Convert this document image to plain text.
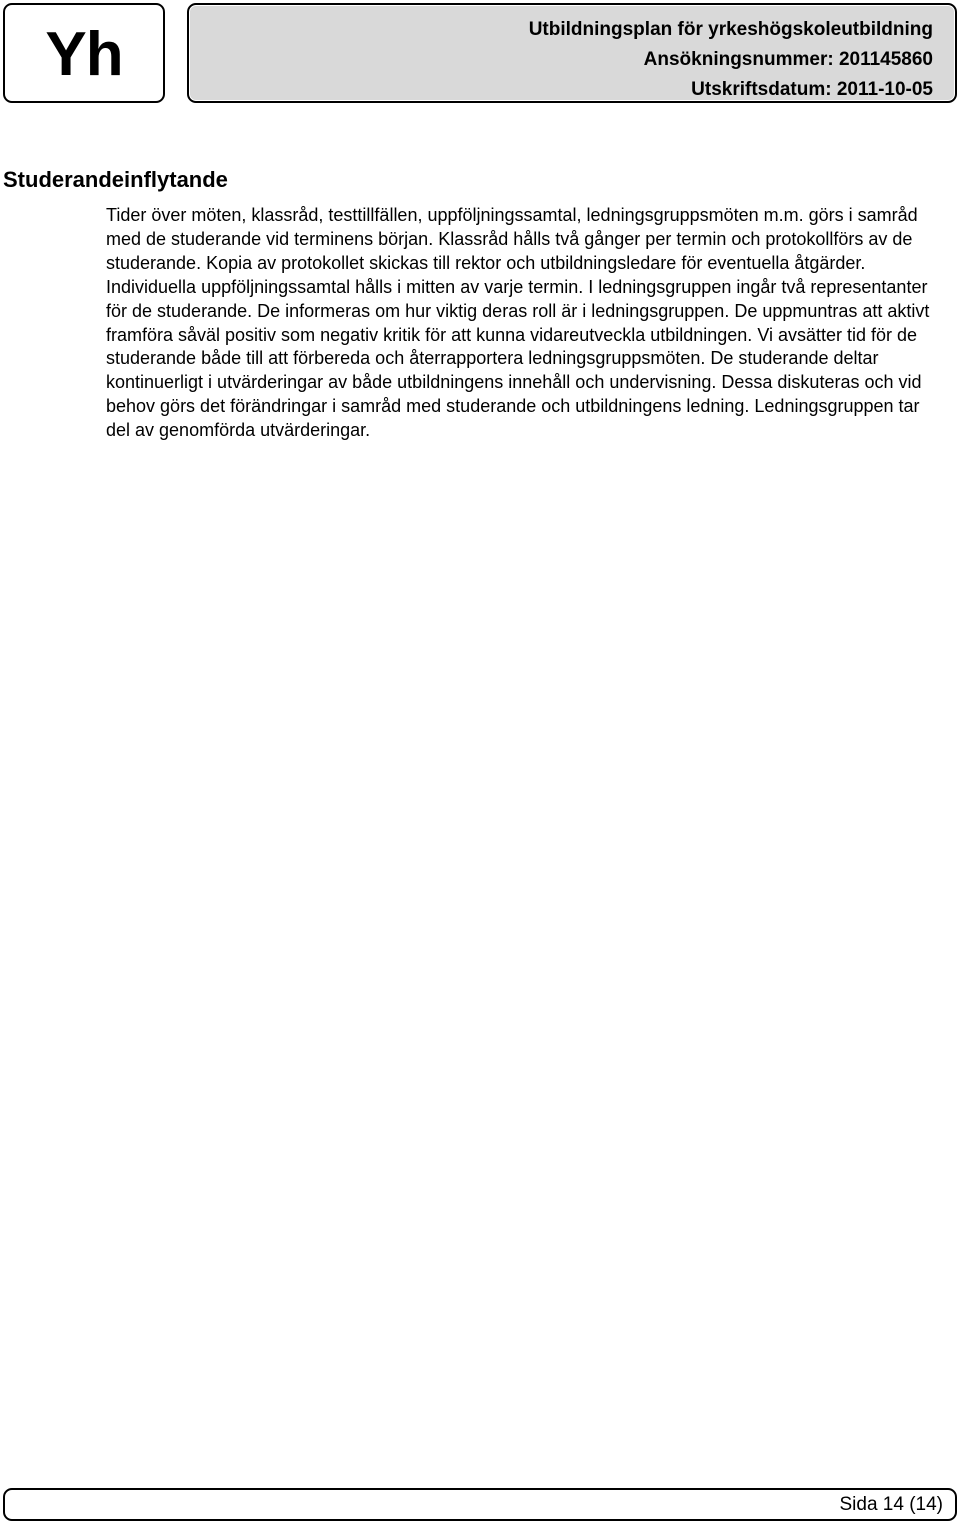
Yh	Utbildningsplan för yrkeshögskoleutbildning
Ansökningsnummer: 201145860
Utskriftsdatum: 2011-10-05
Studerandeinflytande

Tider över möten, klassråd, testtillfällen, uppföljningssamtal, ledningsgruppsmöten m.m. görs i samråd med de studerande vid terminens början. Klassråd hålls två gånger per termin och protokollförs av de studerande. Kopia av protokollet skickas till rektor och utbildningsledare för eventuella åtgärder. Individuella uppföljningssamtal hålls i mitten av varje termin. I ledningsgruppen ingår två representanter för de studerande. De informeras om hur viktig deras roll är i ledningsgruppen. De uppmuntras att aktivt framföra såväl positiv som negativ kritik för att kunna vidareutveckla utbildningen. Vi avsätter tid för de studerande både till att förbereda och återrapportera ledningsgruppsmöten. De studerande deltar kontinuerligt i utvärderingar av både utbildningens innehåll och undervisning. Dessa diskuteras och vid behov görs det förändringar i samråd med studerande och utbildningens ledning. Ledningsgruppen tar del av genomförda utvärderingar.

Sida 14 (14)
